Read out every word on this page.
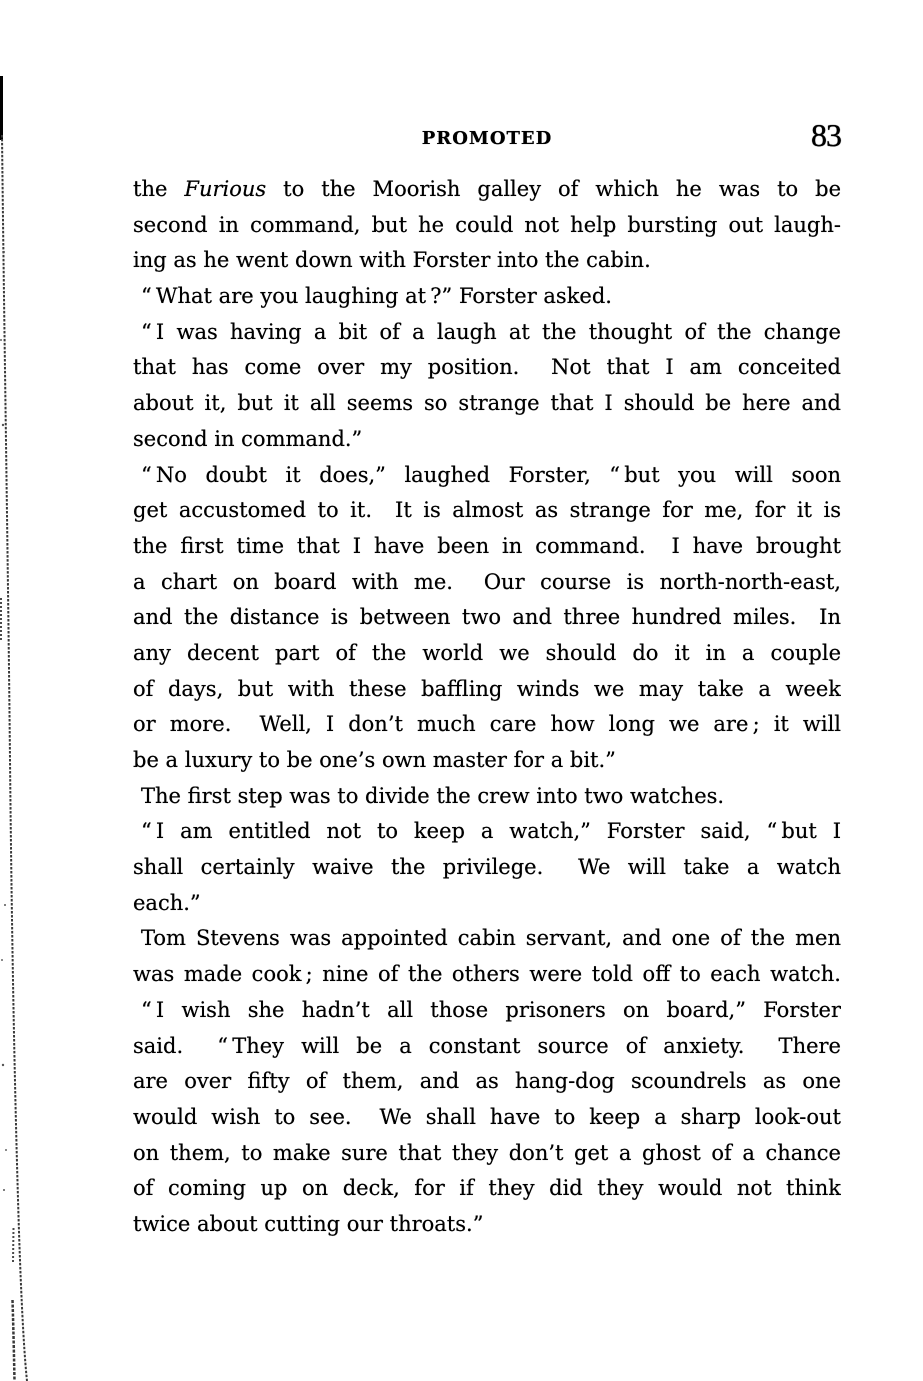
PROMOTED	83
the Furious to the Moorish galley of which he was to be
second in command, but he could not help bursting out laugh-
ing as he went down with Forster into the cabin.
“ What are you laughing at ?” Forster asked.
“ I was having a bit of a laugh at the thought of the change
that has come over my position.  Not that I am conceited
about it, but it all seems so strange that I should be here and
second in command.”
“ No doubt it does,” laughed Forster, “ but you will soon
get accustomed to it.  It is almost as strange for me, for it is
the first time that I have been in command.  I have brought
a chart on board with me.  Our course is north-north-east,
and the distance is between two and three hundred miles.  In
any decent part of the world we should do it in a couple
of days, but with these baffling winds we may take a week
or more.  Well, I don’t much care how long we are ; it will
be a luxury to be one’s own master for a bit.”
The first step was to divide the crew into two watches.
“ I am entitled not to keep a watch,” Forster said, “ but I
shall certainly waive the privilege.  We will take a watch
each.”
Tom Stevens was appointed cabin servant, and one of the men
was made cook ; nine of the others were told off to each watch.
“ I wish she hadn’t all those prisoners on board,” Forster
said.  “ They will be a constant source of anxiety.  There
are over fifty of them, and as hang-dog scoundrels as one
would wish to see.  We shall have to keep a sharp look-out
on them, to make sure that they don’t get a ghost of a chance
of coming up on deck, for if they did they would not think
twice about cutting our throats.”
